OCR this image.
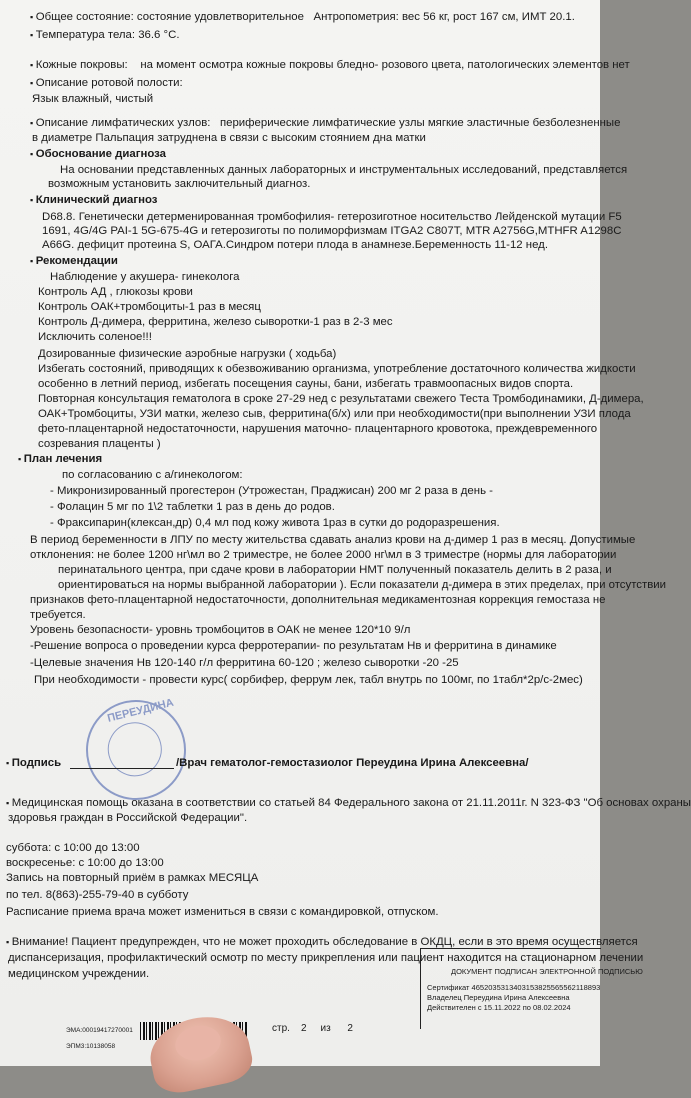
▪ Общее состояние: состояние удовлетворительное Антропометрия: вес 56 кг, рост 167 см, ИМТ 20.1.
▪ Температура тела: 36.6 °C.
▪ Кожные покровы: на момент осмотра кожные покровы бледно- розового цвета, патологических элементов нет
▪ Описание ротовой полости:
Язык влажный, чистый
▪ Описание лимфатических узлов: периферические лимфатические узлы мягкие эластичные безболезненные
в диаметре Пальпация затруднена в связи с высоким стоянием дна матки
▪ Обоснование диагноза
На основании представленных данных лабораторных и инструментальных исследований, представляется
возможным установить заключительный диагноз.
▪ Клинический диагноз
D68.8. Генетически детерменированная тромбофилия- гетерозиготное носительство Лейденской мутации F5
1691, 4G/4G PAI-1 5G-675-4G и гетерозиготы по полиморфизмам ITGA2 C807T, MTR A2756G,MTHFR A1298C
A66G. дефицит протеина S, ОАГА.Синдром потери плода в анамнезе.Беременность 11-12 нед.
▪ Рекомендации
Наблюдение у акушера- гинеколога
Контроль АД , глюкозы крови
Контроль ОАК+тромбоциты-1 раз в месяц
Контроль Д-димера, ферритина, железо сыворотки-1 раз в 2-3 мес
Исключить соленое!!!
Дозированные физические аэробные нагрузки ( ходьба)
Избегать состояний, приводящих к обезвоживанию организма, употребление достаточного количества жидкости
особенно в летний период, избегать посещения сауны, бани, избегать травмоопасных видов спорта.
Повторная консультация гематолога в сроке 27-29 нед с результатами свежего Теста Тромбодинамики, Д-димера,
ОАК+Тромбоциты, УЗИ матки, железо сыв, ферритина(б/х) или при необходимости(при выполнении УЗИ плода
фето-плацентарной недостаточности, нарушения маточно- плацентарного кровотока, преждевременного
созревания плаценты )
▪ План лечения
по согласованию с а/гинекологом:
- Микронизированный прогестерон (Утрожестан, Праджисан) 200 мг 2 раза в день -
- Фолацин 5 мг по 1\2 таблетки 1 раз в день до родов.
- Фраксипарин(клексан,др) 0,4 мл под кожу живота 1раз в сутки до родоразрешения.
В период беременности в ЛПУ по месту жительства сдавать анализ крови на д-димер 1 раз в месяц. Допустимые
отклонения: не более 1200 нг\мл во 2 триместре, не более 2000 нг\мл в 3 триместре (нормы для лаборатории
перинатального центра, при сдаче крови в лаборатории НМТ полученный показатель делить в 2 раза, и
ориентироваться на нормы выбранной лаборатории ). Если показатели д-димера в этих пределах, при отсутствии
признаков фето-плацентарной недостаточности, дополнительная медикаментозная коррекция гемостаза не
требуется.
Уровень безопасности- уровнь тромбоцитов в ОАК не менее 120*10 9/л
-Решение вопроса о проведении курса ферротерапии- по результатам Нв и ферритина в динамике
-Целевые значения Нв 120-140 г/л ферритина 60-120 ; железо сыворотки -20 -25
При необходимости - провести курс( сорбифер, феррум лек, табл внутрь по 100мг, по 1табл*2р/с-2мес)
ПЕРЕУДИНА
▪ Подпись	/Врач гематолог-гемостазиолог Переудина Ирина Алексеевна/
▪ Медицинская помощь оказана в соответствии со статьей 84 Федерального закона от 21.11.2011г. N 323-ФЗ "Об основах охраны
здоровья граждан в Российской Федерации".
суббота: с 10:00 до 13:00
воскресенье: с 10:00 до 13:00
Запись на повторный приём в рамках МЕСЯЦА
по тел. 8(863)-255-79-40 в субботу
Расписание приема врача может измениться в связи с командировкой, отпуском.
▪ Внимание! Пациент предупрежден, что не может проходить обследование в ОКДЦ, если в это время осуществляется
диспансеризация, профилактический осмотр по месту прикрепления или пациент находится на стационарном лечении
медицинском учреждении.	ДОКУМЕНТ ПОДПИСАН ЭЛЕКТРОННОЙ ПОДПИСЬЮ
Сертификат 4652035313403153825565562118893
Владелец Переудина Ирина Алексеевна
Действителен с 15.11.2022 по 08.02.2024
ЭМА:00019417270001
ЭПМ3:10138058
стр. 2 из 2
